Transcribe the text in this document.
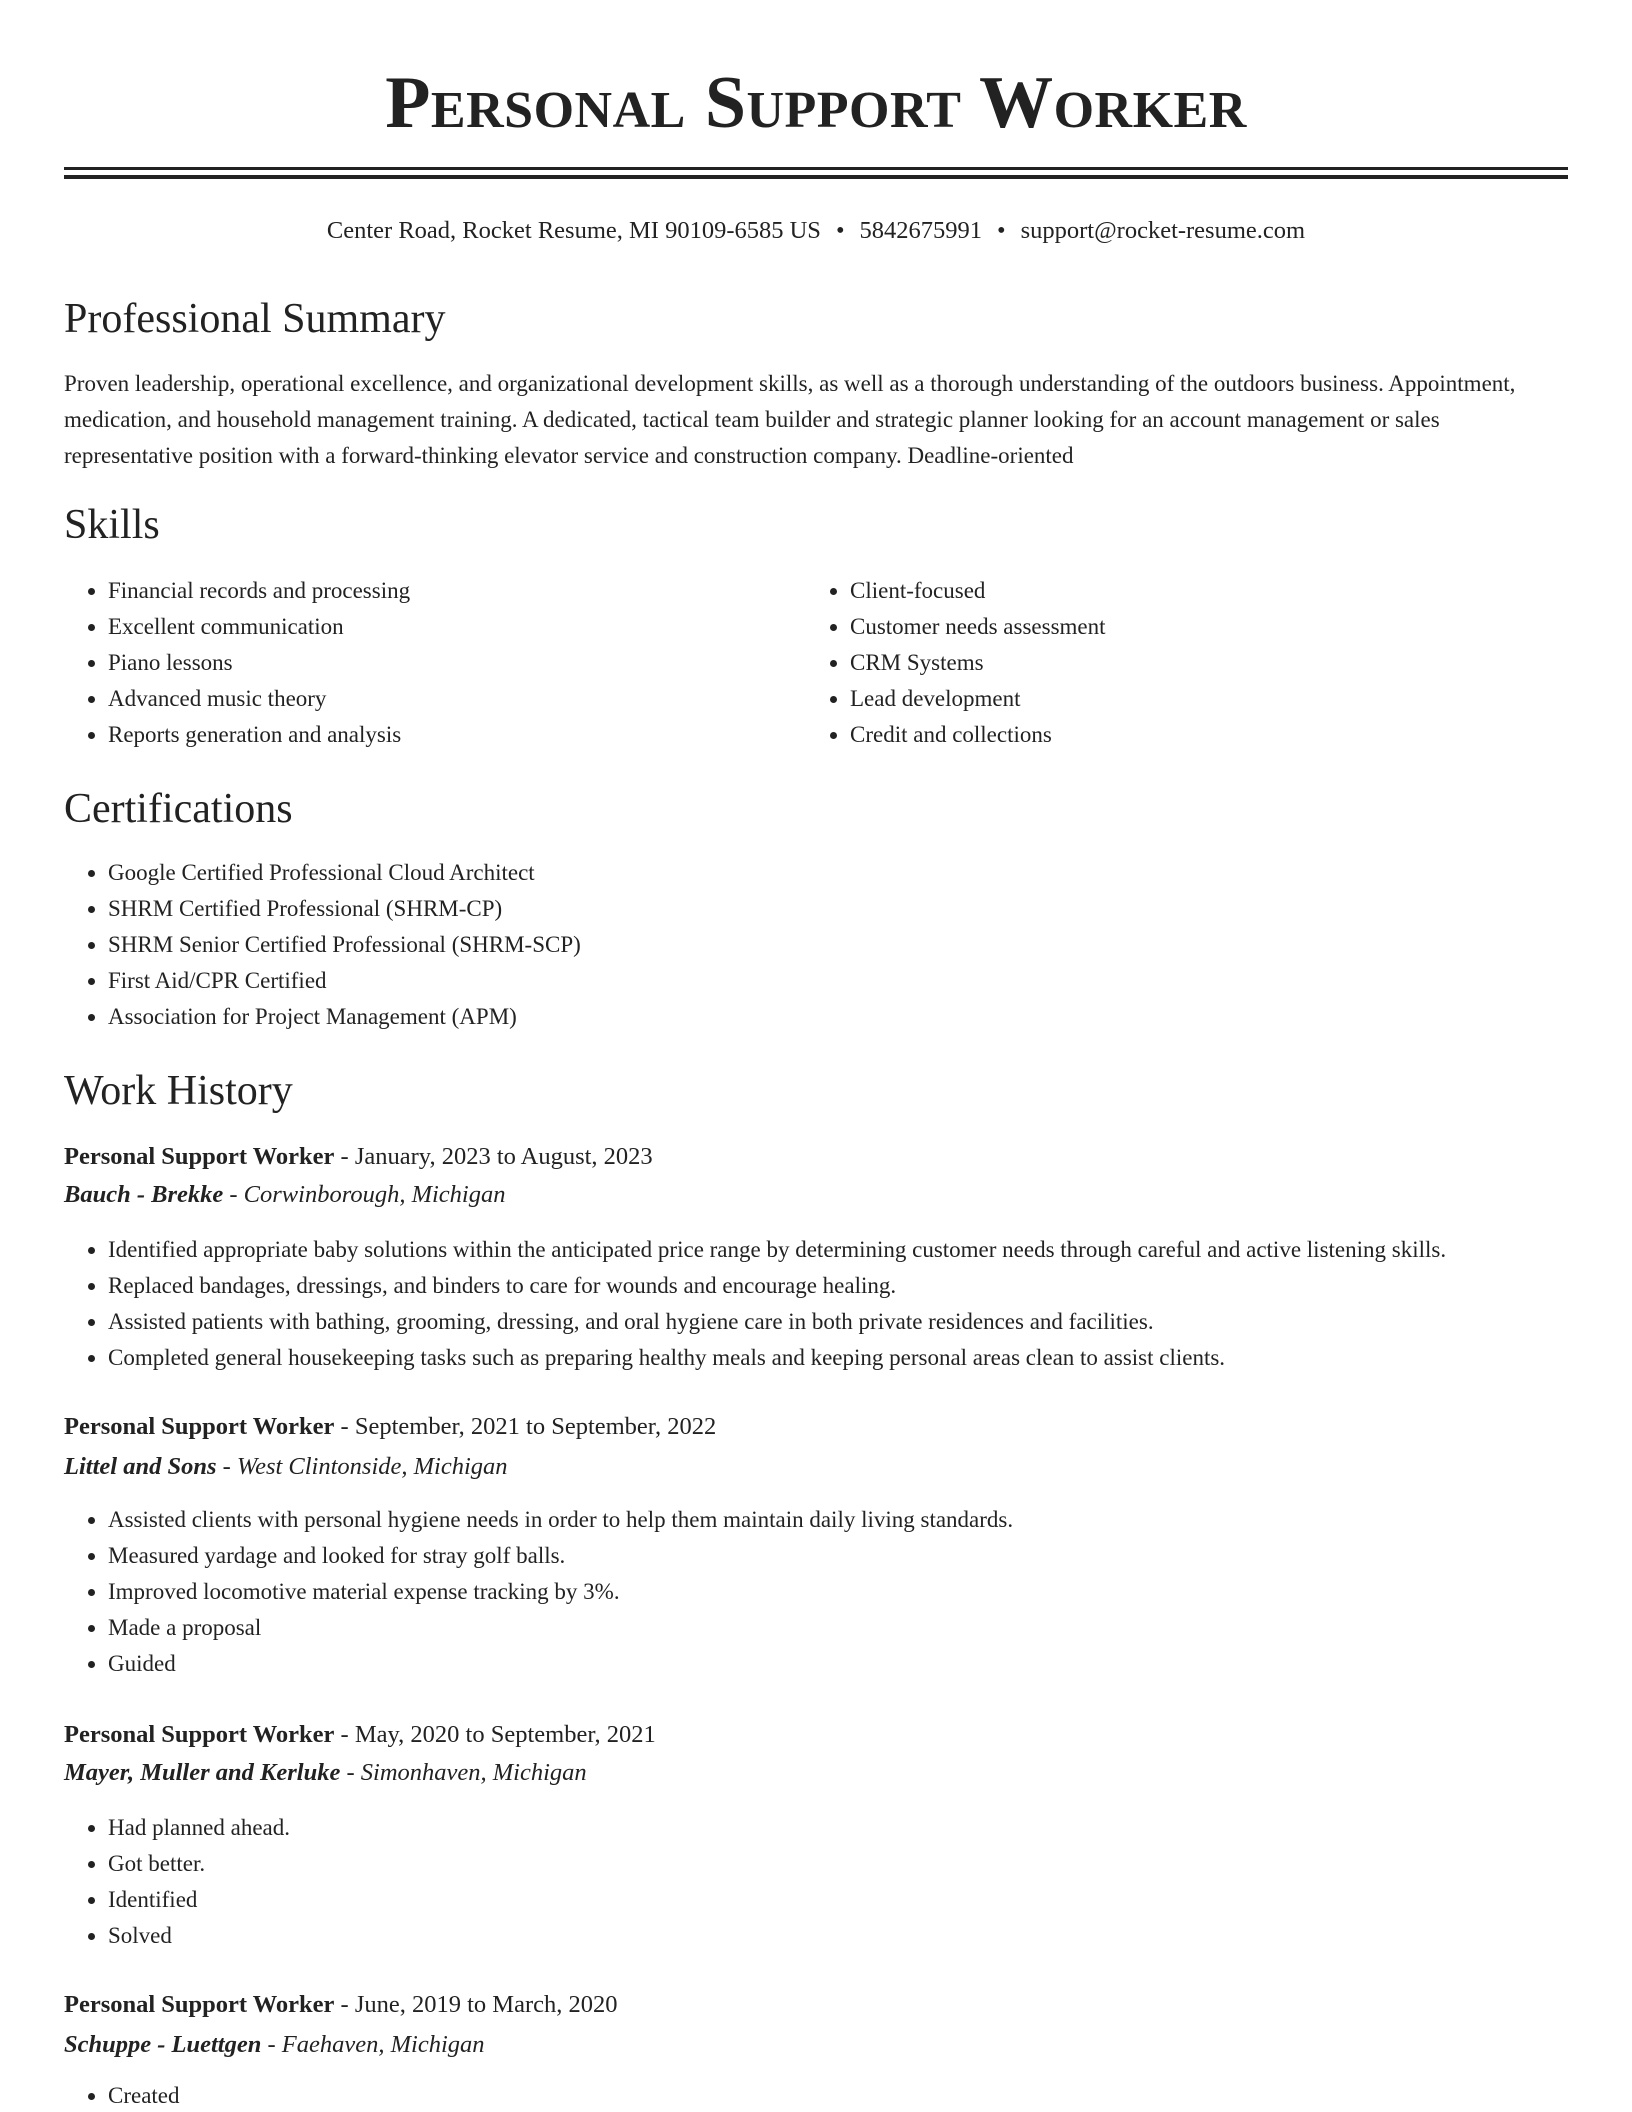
Personal Support Worker
Center Road, Rocket Resume, MI 90109-6585 US • 5842675991 • support@rocket-resume.com
Professional Summary

Proven leadership, operational excellence, and organizational development skills, as well as a thorough understanding of the outdoors business. Appointment, medication, and household management training. A dedicated, tactical team builder and strategic planner looking for an account management or sales representative position with a forward-thinking elevator service and construction company. Deadline-oriented

Skills
• Financial records and processing
• Excellent communication
• Piano lessons
• Advanced music theory
• Reports generation and analysis
• Client-focused
• Customer needs assessment
• CRM Systems
• Lead development
• Credit and collections
Certifications
• Google Certified Professional Cloud Architect
• SHRM Certified Professional (SHRM-CP)
• SHRM Senior Certified Professional (SHRM-SCP)
• First Aid/CPR Certified
• Association for Project Management (APM)
Work History
Personal Support Worker - January, 2023 to August, 2023
Bauch - Brekke - Corwinborough, Michigan
• Identified appropriate baby solutions within the anticipated price range by determining customer needs through careful and active listening skills.
• Replaced bandages, dressings, and binders to care for wounds and encourage healing.
• Assisted patients with bathing, grooming, dressing, and oral hygiene care in both private residences and facilities.
• Completed general housekeeping tasks such as preparing healthy meals and keeping personal areas clean to assist clients.
Personal Support Worker - September, 2021 to September, 2022
Littel and Sons - West Clintonside, Michigan
• Assisted clients with personal hygiene needs in order to help them maintain daily living standards.
• Measured yardage and looked for stray golf balls.
• Improved locomotive material expense tracking by 3%.
• Made a proposal
• Guided
Personal Support Worker - May, 2020 to September, 2021
Mayer, Muller and Kerluke - Simonhaven, Michigan
• Had planned ahead.
• Got better.
• Identified
• Solved
Personal Support Worker - June, 2019 to March, 2020
Schuppe - Luettgen - Faehaven, Michigan
• Created
